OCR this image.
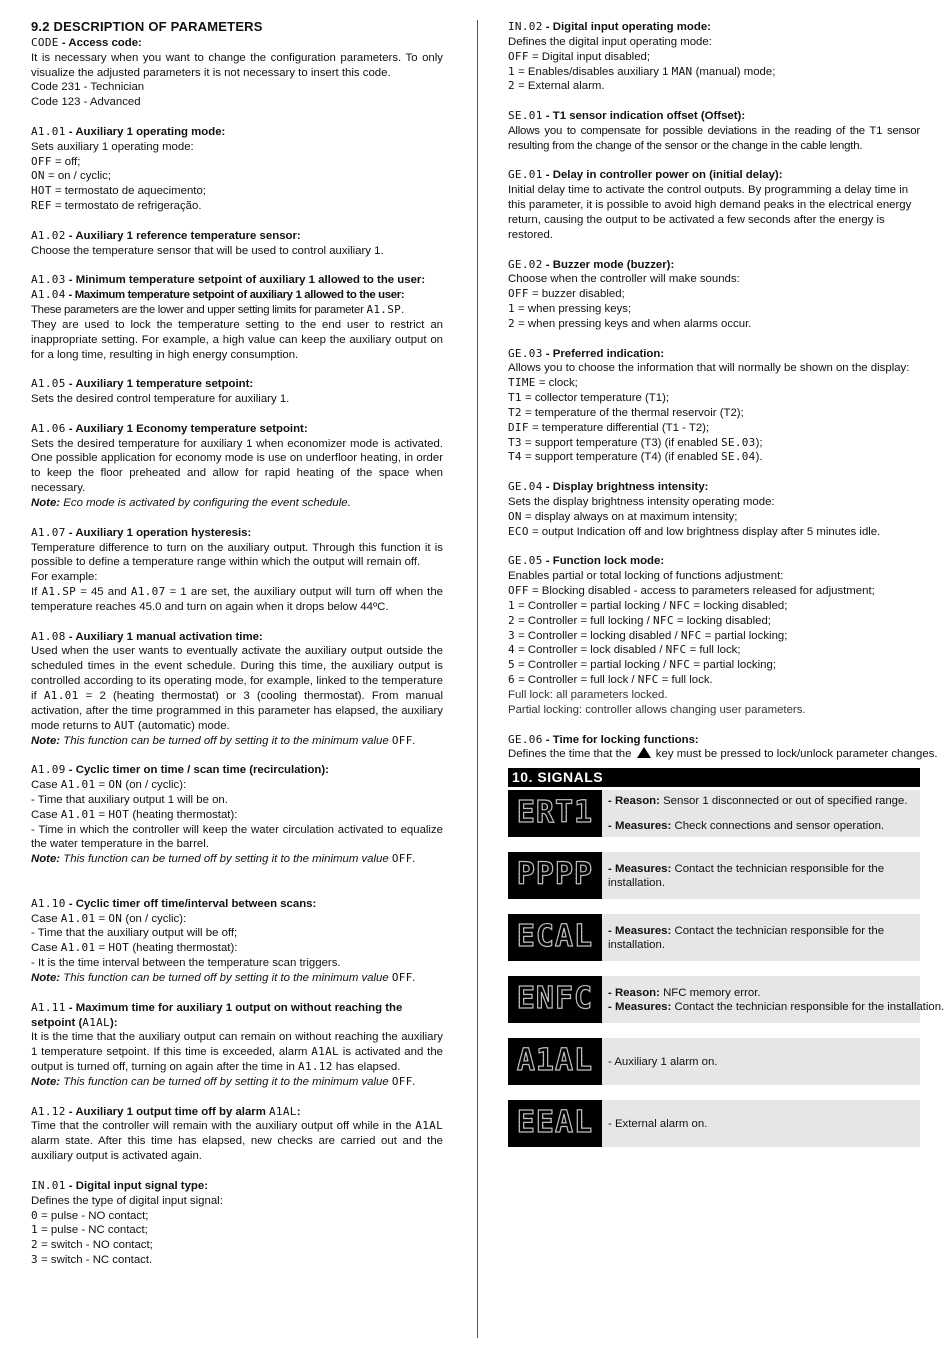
9.2 DESCRIPTION OF PARAMETERS
CODE - Access code:
It is necessary when you want to change the configuration parameters. To only visualize the adjusted parameters it is not necessary to insert this code.
Code 231 - Technician
Code 123 - Advanced
A1.01 - Auxiliary 1 operating mode:
Sets auxiliary 1 operating mode:
OFF = off;
ON = on / cyclic;
HOT = termostato de aquecimento;
REF = termostato de refrigeração.
A1.02 - Auxiliary 1 reference temperature sensor:
Choose the temperature sensor that will be used to control auxiliary 1.
A1.03 - Minimum temperature setpoint of auxiliary 1 allowed to the user:
A1.04 - Maximum temperature setpoint of auxiliary 1 allowed to the user:
These parameters are the lower and upper setting limits for parameter A1.SP.
They are used to lock the temperature setting to the end user to restrict an inappropriate setting. For example, a high value can keep the auxiliary output on for a long time, resulting in high energy consumption.
A1.05 - Auxiliary 1 temperature setpoint:
Sets the desired control temperature for auxiliary 1.
A1.06 - Auxiliary 1 Economy temperature setpoint:
Sets the desired temperature for auxiliary 1 when economizer mode is activated. One possible application for economy mode is use on underfloor heating, in order to keep the floor preheated and allow for rapid heating of the space when necessary.
Note: Eco mode is activated by configuring the event schedule.
A1.07 - Auxiliary 1 operation hysteresis:
Temperature difference to turn on the auxiliary output. Through this function it is possible to define a temperature range within which the output will remain off.
For example:
If A1.SP = 45 and A1.07 = 1 are set, the auxiliary output will turn off when the temperature reaches 45.0 and turn on again when it drops below 44ºC.
A1.08 - Auxiliary 1 manual activation time:
Used when the user wants to eventually activate the auxiliary output outside the scheduled times in the event schedule. During this time, the auxiliary output is controlled according to its operating mode, for example, linked to the temperature if A1.01 = 2 (heating thermostat) or 3 (cooling thermostat). From manual activation, after the time programmed in this parameter has elapsed, the auxiliary mode returns to AUT (automatic) mode.
Note: This function can be turned off by setting it to the minimum value OFF.
A1.09 - Cyclic timer on time / scan time (recirculation):
Case A1.01 = ON (on / cyclic):
- Time that auxiliary output 1 will be on.
Case A1.01 = HOT (heating thermostat):
- Time in which the controller will keep the water circulation activated to equalize the water temperature in the barrel.
Note: This function can be turned off by setting it to the minimum value OFF.
A1.10 - Cyclic timer off time/interval between scans:
Case A1.01 = ON (on / cyclic):
- Time that the auxiliary output will be off;
Case A1.01 = HOT (heating thermostat):
- It is the time interval between the temperature scan triggers.
Note: This function can be turned off by setting it to the minimum value OFF.
A1.11 - Maximum time for auxiliary 1 output on without reaching the setpoint (A1AL):
It is the time that the auxiliary output can remain on without reaching the auxiliary 1 temperature setpoint. If this time is exceeded, alarm A1AL is activated and the output is turned off, turning on again after the time in A1.12 has elapsed.
Note: This function can be turned off by setting it to the minimum value OFF.
A1.12 - Auxiliary 1 output time off by alarm A1AL:
Time that the controller will remain with the auxiliary output off while in the A1AL alarm state. After this time has elapsed, new checks are carried out and the auxiliary output is activated again.
IN.01 - Digital input signal type:
Defines the type of digital input signal:
0 = pulse - NO contact;
1 = pulse - NC contact;
2 = switch - NO contact;
3 = switch - NC contact.
IN.02 - Digital input operating mode:
Defines the digital input operating mode:
OFF = Digital input disabled;
1 = Enables/disables auxiliary 1 MAN (manual) mode;
2 = External alarm.
SE.01 - T1 sensor indication offset (Offset):
Allows you to compensate for possible deviations in the reading of the T1 sensor resulting from the change of the sensor or the change in the cable length.
GE.01 - Delay in controller power on (initial delay):
Initial delay time to activate the control outputs. By programming a delay time in this parameter, it is possible to avoid high demand peaks in the electrical energy return, causing the output to be activated a few seconds after the energy is restored.
GE.02 - Buzzer mode (buzzer):
Choose when the controller will make sounds:
OFF = buzzer disabled;
1 = when pressing keys;
2 = when pressing keys and when alarms occur.
GE.03 - Preferred indication:
Allows you to choose the information that will normally be shown on the display:
TIME = clock;
T1 = collector temperature (T1);
T2 = temperature of the thermal reservoir (T2);
DIF = temperature differential (T1 - T2);
T3 = support temperature (T3) (if enabled SE.03);
T4 = support temperature (T4) (if enabled SE.04).
GE.04 - Display brightness intensity:
Sets the display brightness intensity operating mode:
ON = display always on at maximum intensity;
ECO = output Indication off and low brightness display after 5 minutes idle.
GE.05 - Function lock mode:
Enables partial or total locking of functions adjustment:
OFF = Blocking disabled - access to parameters released for adjustment;
1 = Controller = partial locking / NFC = locking disabled;
2 = Controller = full locking / NFC = locking disabled;
3 = Controller = locking disabled / NFC = partial locking;
4 = Controller = lock disabled / NFC = full lock;
5 = Controller = partial locking / NFC = partial locking;
6 = Controller = full lock / NFC = full lock.
Full lock: all parameters locked.
Partial locking: controller allows changing user parameters.
GE.06 - Time for locking functions:
Defines the time that the  key must be pressed to lock/unlock parameter changes.
10. SIGNALS
ERT1 - Reason: Sensor 1 disconnected or out of specified range.
- Measures: Check connections and sensor operation.
PPPP - Measures: Contact the technician responsible for the installation.
ECAL - Measures: Contact the technician responsible for the installation.
ENFC - Reason: NFC memory error.
- Measures: Contact the technician responsible for the installation.
A1AL - Auxiliary 1 alarm on.
EEAL - External alarm on.
